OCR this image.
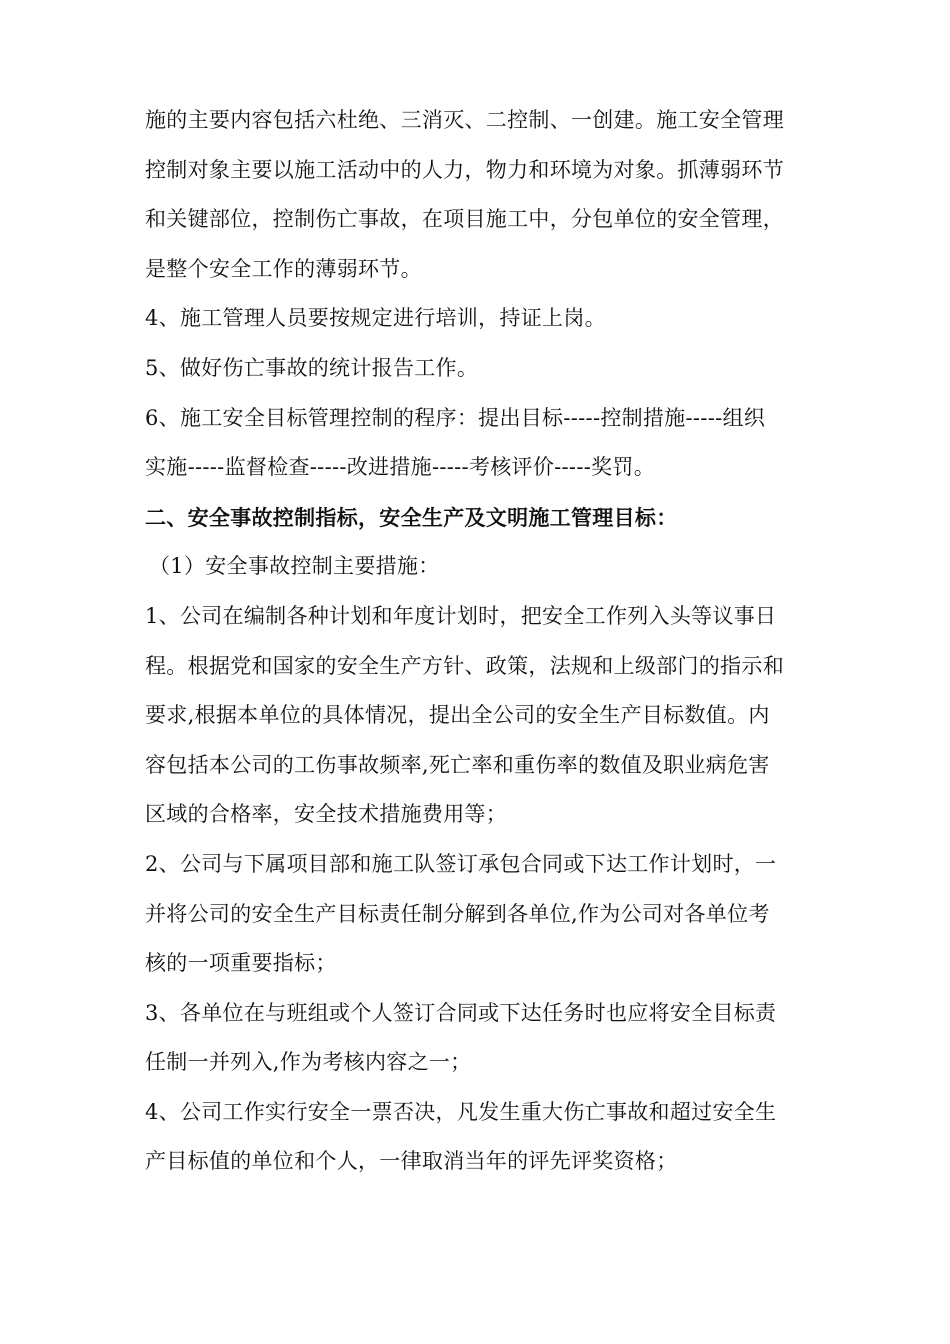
施的主要内容包括六杜绝、三消灭、二控制、一创建。施工安全管理
控制对象主要以施工活动中的人力，物力和环境为对象。抓薄弱环节
和关键部位，控制伤亡事故，在项目施工中，分包单位的安全管理，
是整个安全工作的薄弱环节。
4、施工管理人员要按规定进行培训，持证上岗。
5、做好伤亡事故的统计报告工作。
6、施工安全目标管理控制的程序：提出目标-----控制措施-----组织
实施-----监督检查-----改进措施-----考核评价-----奖罚。
二、安全事故控制指标，安全生产及文明施工管理目标：
（1）安全事故控制主要措施：
1、公司在编制各种计划和年度计划时，把安全工作列入头等议事日
程。根据党和国家的安全生产方针、政策，法规和上级部门的指示和
要求,根据本单位的具体情况，提出全公司的安全生产目标数值。内
容包括本公司的工伤事故频率,死亡率和重伤率的数值及职业病危害
区域的合格率，安全技术措施费用等；
2、公司与下属项目部和施工队签订承包合同或下达工作计划时，一
并将公司的安全生产目标责任制分解到各单位,作为公司对各单位考
核的一项重要指标；
3、各单位在与班组或个人签订合同或下达任务时也应将安全目标责
任制一并列入,作为考核内容之一；
4、公司工作实行安全一票否决，凡发生重大伤亡事故和超过安全生
产目标值的单位和个人，一律取消当年的评先评奖资格；
